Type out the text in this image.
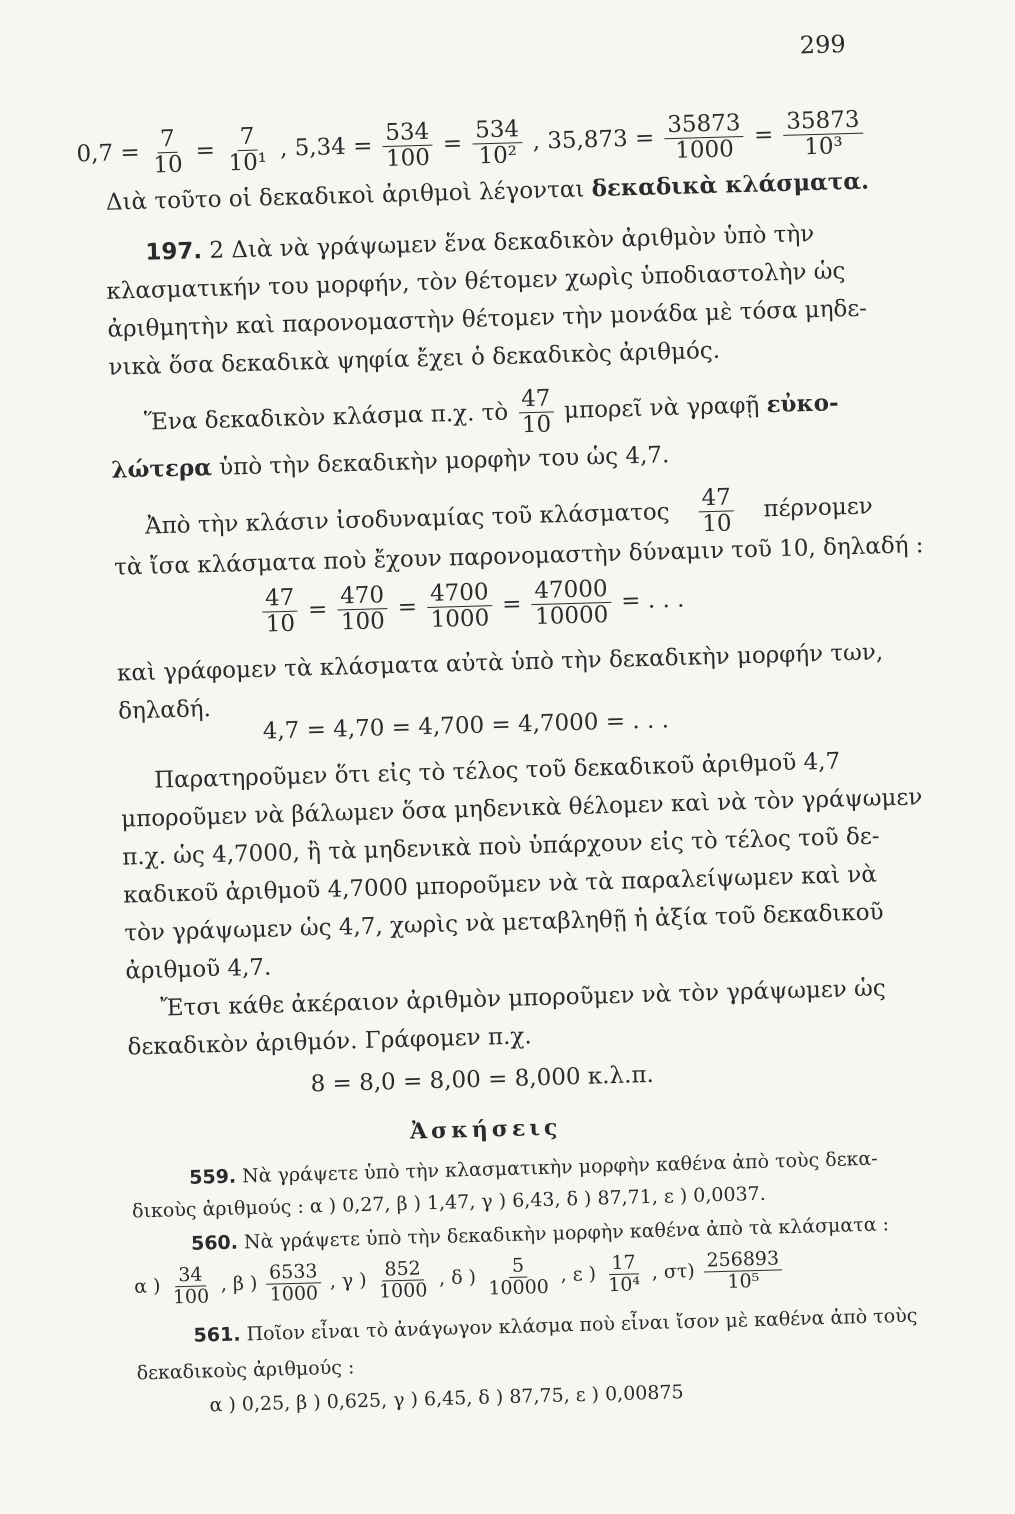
299
$0,7 = \frac{7}{10} = \frac{7}{\text{10¹}}$ , $5,34 = \frac{534}{100} = \frac{534}{\text{10²}}$ , $35,873 = \frac{35873}{1000} = \frac{35873}{\text{10³}}$
Διὰ τοῦτο οἱ δεκαδικοὶ ἀριθμοὶ λέγονται δεκαδικὰ κλάσματα.
197. 2 Διὰ νὰ γράψωμεν ἕνα δεκαδικὸν ἀριθμὸν ὑπὸ τὴν
κλασματικήν του μορφήν, τὸν θέτομεν χωρὶς ὑποδιαστολὴν ὡς
ἀριθμητὴν καὶ παρονομαστὴν θέτομεν τὴν μονάδα μὲ τόσα μηδε-
νικὰ ὅσα δεκαδικὰ ψηφία ἔχει ὁ δεκαδικὸς ἀριθμός.
Ἕνα δεκαδικὸν κλάσμα π.χ. τὸ $\frac{47}{10}$ μπορεῖ νὰ γραφῇ εὐκο-
λώτερα ὑπὸ τὴν δεκαδικὴν μορφὴν του ὡς 4,7.
Ἀπὸ τὴν κλάσιν ἰσοδυναμίας τοῦ κλάσματος $\frac{47}{10}$ πέρνομεν
τὰ ἴσα κλάσματα ποὺ ἔχουν παρονομαστὴν δύναμιν τοῦ 10, δηλαδή :
$\frac{47}{10} = \frac{470}{100} = \frac{4700}{1000} = \frac{47000}{10000}$ = . . .
καὶ γράφομεν τὰ κλάσματα αὐτὰ ὑπὸ τὴν δεκαδικὴν μορφήν των,
δηλαδή. 4,7 = 4,70 = 4,700 = 4,7000 = . . .
Παρατηροῦμεν ὅτι εἰς τὸ τέλος τοῦ δεκαδικοῦ ἀριθμοῦ 4,7
μποροῦμεν νὰ βάλωμεν ὅσα μηδενικὰ θέλομεν καὶ νὰ τὸν γράψωμεν
π.χ. ὡς 4,7000, ἢ τὰ μηδενικὰ ποὺ ὑπάρχουν εἰς τὸ τέλος τοῦ δε-
καδικοῦ ἀριθμοῦ 4,7000 μποροῦμεν νὰ τὰ παραλείψωμεν καὶ νὰ
τὸν γράψωμεν ὡς 4,7, χωρὶς νὰ μεταβληθῇ ἡ ἀξία τοῦ δεκαδικοῦ
ἀριθμοῦ 4,7.
Ἔτσι κάθε ἀκέραιον ἀριθμὸν μποροῦμεν νὰ τὸν γράψωμεν ὡς
δεκαδικὸν ἀριθμόν. Γράφομεν π.χ.
8 = 8,0 = 8,00 = 8,000 κ.λ.π.
Ἀσκήσεις
559. Νὰ γράψετε ὑπὸ τὴν κλασματικὴν μορφὴν καθένα ἀπὸ τοὺς δεκα-
δικοὺς ἀριθμούς : α ) 0,27, β ) 1,47, γ ) 6,43, δ ) 87,71, ε ) 0,0037.
560. Νὰ γράψετε ὑπὸ τὴν δεκαδικὴν μορφὴν καθένα ἀπὸ τὰ κλάσματα :
α ) $\frac{34}{100}$ , β ) $\frac{6533}{1000}$ , γ ) $\frac{852}{1000}$ , δ ) $\frac{5}{10000}$ , ε ) $\frac{17}{\text{10⁴}}$ , $\sigma\tau) \frac{256893}{\text{10⁵}}$
561. Ποῖον εἶναι τὸ ἀνάγωγον κλάσμα ποὺ εἶναι ἴσον μὲ καθένα ἀπὸ τοὺς
δεκαδικοὺς ἀριθμούς :
α ) 0,25, β ) 0,625, γ ) 6,45, δ ) 87,75, ε ) 0,00875
